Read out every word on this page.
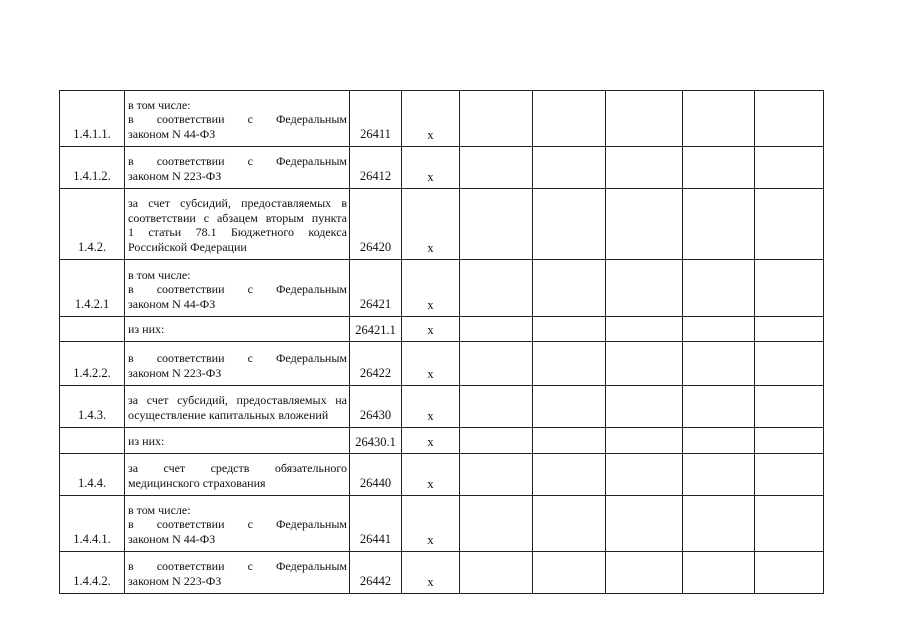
1.4.1.1.	в том числе:
в соответствии с Федеральным
законом N 44-ФЗ	26411	x					
1.4.1.2.	в соответствии с Федеральным
законом N 223-ФЗ	26412	x					
1.4.2.	за счет субсидий, предоставляемых в
соответствии с абзацем вторым пункта
1 статьи 78.1 Бюджетного кодекса
Российской Федерации	26420	x					
1.4.2.1	в том числе:
в соответствии с Федеральным
законом N 44-ФЗ	26421	x					

	из них:	26421.1	x					
1.4.2.2.	в соответствии с Федеральным
законом N 223-ФЗ	26422	x					
1.4.3.	за счет субсидий, предоставляемых на
осуществление капитальных вложений	26430	x					

	из них:	26430.1	x					
1.4.4.	за счет средств обязательного
медицинского страхования	26440	x					
1.4.4.1.	в том числе:
в соответствии с Федеральным
законом N 44-ФЗ	26441	x					
1.4.4.2.	в соответствии с Федеральным
законом N 223-ФЗ	26442	x					
